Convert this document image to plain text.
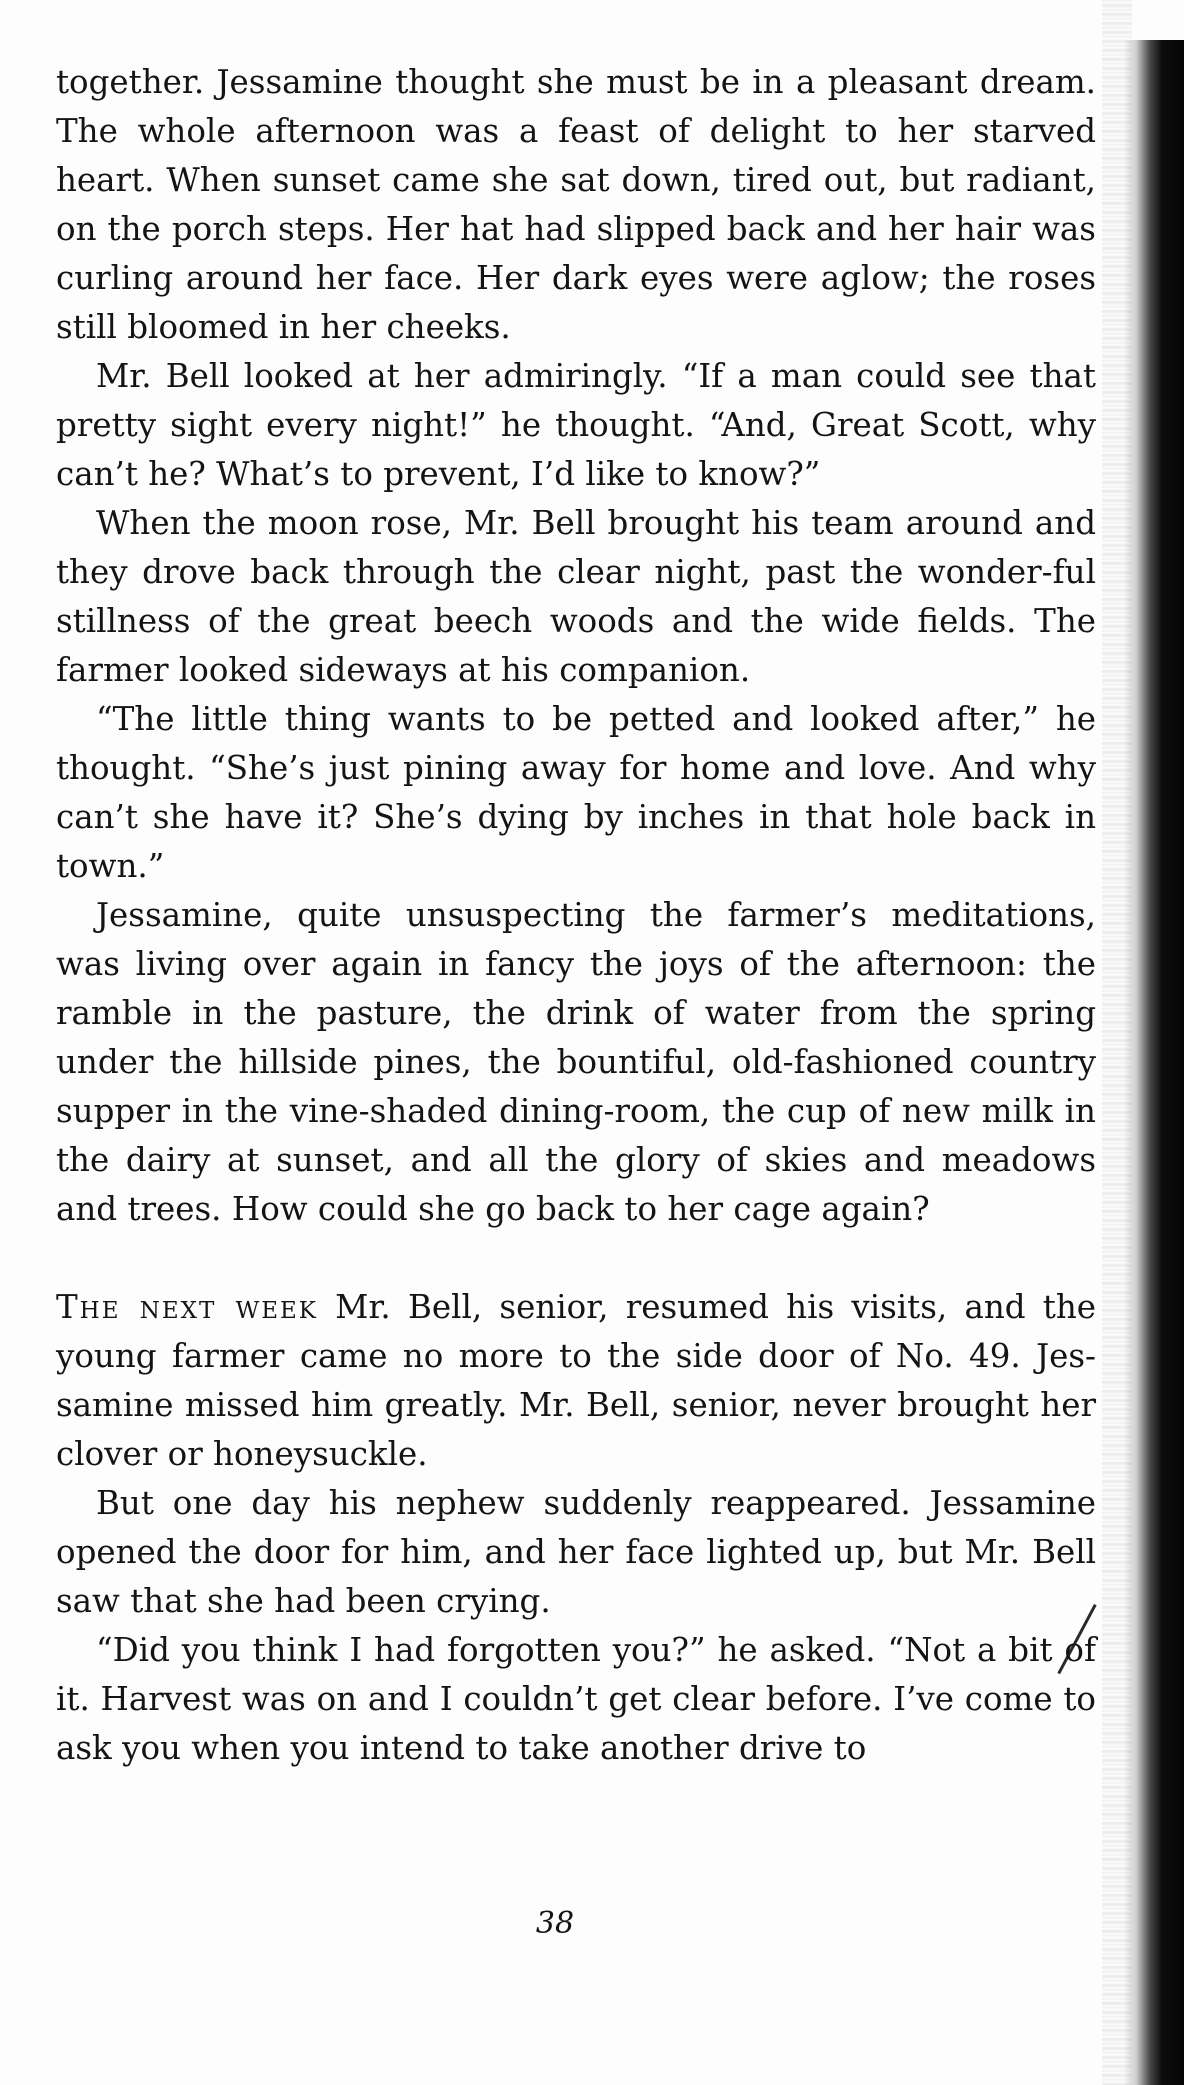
together. Jessamine thought she must be in a pleasant dream. The whole afternoon was a feast of delight to her starved heart. When sunset came she sat down, tired out, but radiant, on the porch steps. Her hat had slipped back and her hair was curling around her face. Her dark eyes were aglow; the roses still bloomed in her cheeks.

Mr. Bell looked at her admiringly. “If a man could see that pretty sight every night!” he thought. “And, Great Scott, why can’t he? What’s to prevent, I’d like to know?”

When the moon rose, Mr. Bell brought his team around and they drove back through the clear night, past the wonder-ful stillness of the great beech woods and the wide fields. The farmer looked sideways at his companion.

“The little thing wants to be petted and looked after,” he thought. “She’s just pining away for home and love. And why can’t she have it? She’s dying by inches in that hole back in town.”

Jessamine, quite unsuspecting the farmer’s meditations, was living over again in fancy the joys of the afternoon: the ramble in the pasture, the drink of water from the spring under the hillside pines, the bountiful, old-fashioned country supper in the vine-shaded dining-room, the cup of new milk in the dairy at sunset, and all the glory of skies and meadows and trees. How could she go back to her cage again?

The next week Mr. Bell, senior, resumed his visits, and the young farmer came no more to the side door of No. 49. Jes-samine missed him greatly. Mr. Bell, senior, never brought her clover or honeysuckle.

But one day his nephew suddenly reappeared. Jessamine opened the door for him, and her face lighted up, but Mr. Bell saw that she had been crying.

“Did you think I had forgotten you?” he asked. “Not a bit of it. Harvest was on and I couldn’t get clear before. I’ve come to ask you when you intend to take another drive to

38
